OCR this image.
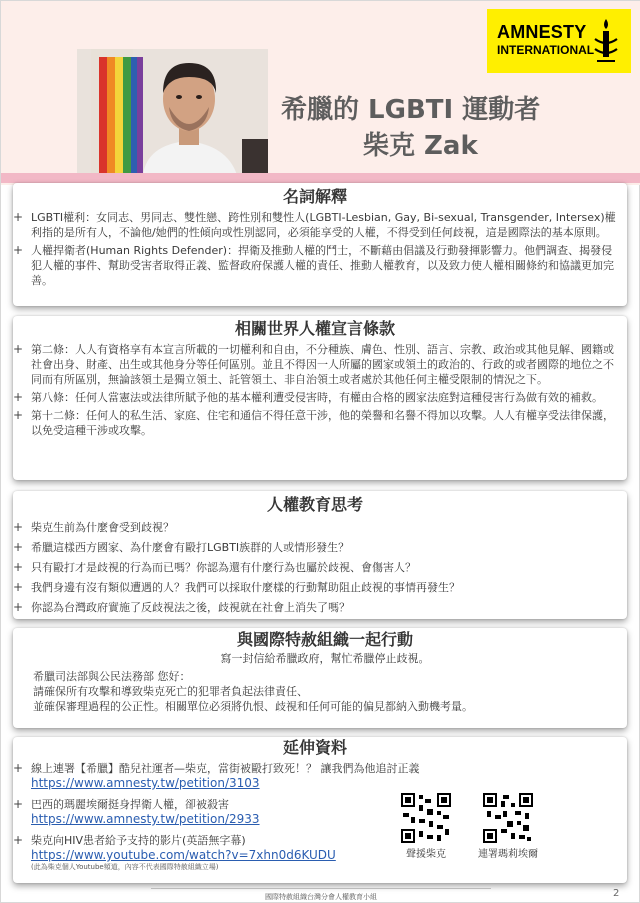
AMNESTY
INTERNATIONAL
希臘的 LGBTI 運動者
柴克 Zak
名詞解釋
+ LGBTI權利：女同志、男同志、雙性戀、跨性別和雙性人(LGBTI-Lesbian, Gay, Bi-sexual, Transgender, Intersex)權利指的是所有人，不論他/她們的性傾向或性別認同，必須能享受的人權，不得受到任何歧視，這是國際法的基本原則。
+ 人權捍衛者(Human Rights Defender)：捍衛及推動人權的鬥士，不斷藉由倡議及行動發揮影響力。他們調查、揭發侵犯人權的事件、幫助受害者取得正義、監督政府保護人權的責任、推動人權教育，以及致力使人權相關條約和協議更加完善。
相關世界人權宣言條款
+ 第二條：人人有資格享有本宣言所載的一切權利和自由，不分種族、膚色、性別、語言、宗教、政治或其他見解、國籍或社會出身、財產、出生或其他身分等任何區別。並且不得因一人所屬的國家或領土的政治的、行政的或者國際的地位之不同而有所區別，無論該領土是獨立領土、託管領土、非自治領土或者處於其他任何主權受限制的情況之下。
+ 第八條：任何人當憲法或法律所賦予他的基本權利遭受侵害時，有權由合格的國家法庭對這種侵害行為做有效的補救。
+ 第十二條：任何人的私生活、家庭、住宅和通信不得任意干涉，他的榮譽和名譽不得加以攻擊。人人有權享受法律保護，以免受這種干涉或攻擊。
人權教育思考
+ 柴克生前為什麼會受到歧視？
+ 希臘這樣西方國家、為什麼會有毆打LGBTI族群的人或情形發生？
+ 只有毆打才是歧視的行為而已嗎？你認為還有什麼行為也屬於歧視、會傷害人？
+ 我們身邊有沒有類似遭遇的人？我們可以採取什麼樣的行動幫助阻止歧視的事情再發生？
+ 你認為台灣政府實施了反歧視法之後，歧視就在社會上消失了嗎？
與國際特赦組織一起行動
寫一封信給希臘政府，幫忙希臘停止歧視。
希臘司法部與公民法務部 您好：
請確保所有攻擊和導致柴克死亡的犯罪者負起法律責任、
並確保審理過程的公正性。相關單位必須將仇恨、歧視和任何可能的偏見都納入動機考量。
延伸資料
+ 線上連署【希臘】酷兒社運者—柴克，當街被毆打致死！？ 讓我們為他追討正義
https://www.amnesty.tw/petition/3103
+ 巴西的瑪麗埃爾挺身捍衛人權，卻被殺害
https://www.amnesty.tw/petition/2933
+ 柴克向HIV患者給予支持的影片(英語無字幕)
https://www.youtube.com/watch?v=7xhn0d6KUDU
(此為柴克個人Youtube頻道，內容不代表國際特赦組織立場)
聲援柴克	連署瑪莉埃爾
國際特赦組織台灣分會人權教育小組	2
